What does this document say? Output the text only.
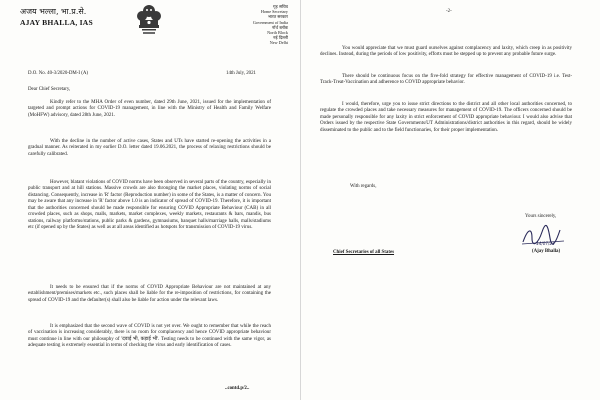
अजय भल्ला, भा.प्र.से.
AJAY BHALLA, IAS
गृह सचिव
Home Secretary
भारत सरकार
Government of India
नॉर्थ ब्लॉक
North Block
नई दिल्ली
New Delhi
D.O. No. 40-3/2020-DM-I (A)	14th July, 2021
Dear Chief Secretary,

Kindly refer to the MHA Order of even number, dated 29th June, 2021, issued for the implementation of targeted and prompt actions for COVID-19 management, in line with the Ministry of Health and Family Welfare (MoHFW) advisory, dated 28th June, 2021.

With the decline in the number of active cases, States and UTs have started re-opening the activities in a gradual manner. As reiterated in my earlier D.O. letter dated 19.06.2021, the process of relaxing restrictions should be carefully calibrated.

However, blatant violations of COVID norms have been observed in several parts of the country, especially in public transport and at hill stations. Massive crowds are also thronging the market places, violating norms of social distancing. Consequently, increase in 'R' factor (Reproduction number) in some of the States, is a matter of concern. You may be aware that any increase in 'R' factor above 1.0 is an indicator of spread of COVID-19. Therefore, it is important that the authorities concerned should be made responsible for ensuring COVID Appropriate Behaviour (CAB) in all crowded places, such as shops, malls, markets, market complexes, weekly markets, restaurants & bars, mandis, bus stations, railway platforms/stations, public parks & gardens, gymnasiums, banquet halls/marriage halls, malls/stadiums etc (if opened up by the States) as well as at all areas identified as hotspots for transmission of COVID-19 virus.

It needs to be ensured that if the norms of COVID Appropriate Behaviour are not maintained at any establishment/premises/markets etc., such places shall be liable for the re-imposition of restrictions, for containing the spread of COVID-19 and the defaulter(s) shall also be liable for action under the relevant laws.

It is emphasized that the second wave of COVID is not yet over. We ought to remember that while the reach of vaccination is increasing considerably, there is no room for complacency and hence COVID appropriate behaviour must continue in line with our philosophy of 'दवाई भी, कड़ाई भी'. Testing needs to be continued with the same vigor, as adequate testing is extremely essential in terms of checking the virus and early identification of cases.

..contd.p/2..
-2-

You would appreciate that we must guard ourselves against complacency and laxity, which creep in as positivity declines. Instead, during the periods of low positivity, efforts must be stepped up to prevent any probable future surge.

There should be continuous focus on the five-fold strategy for effective management of COVID-19 i.e. Test-Track-Treat-Vaccination and adherence to COVID appropriate behavior.

I would, therefore, urge you to issue strict directions to the district and all other local authorities concerned, to regulate the crowded places and take necessary measures for management of COVID-19. The officers concerned should be made personally responsible for any laxity in strict enforcement of COVID appropriate behaviour. I would also advise that Orders issued by the respective State Governments/UT Administrations/district authorities in this regard, should be widely disseminated to the public and to the field functionaries, for their proper implementation.

With regards,
Yours sincerely,
14/07/21
(Ajay Bhalla)
Chief Secretaries of all States
